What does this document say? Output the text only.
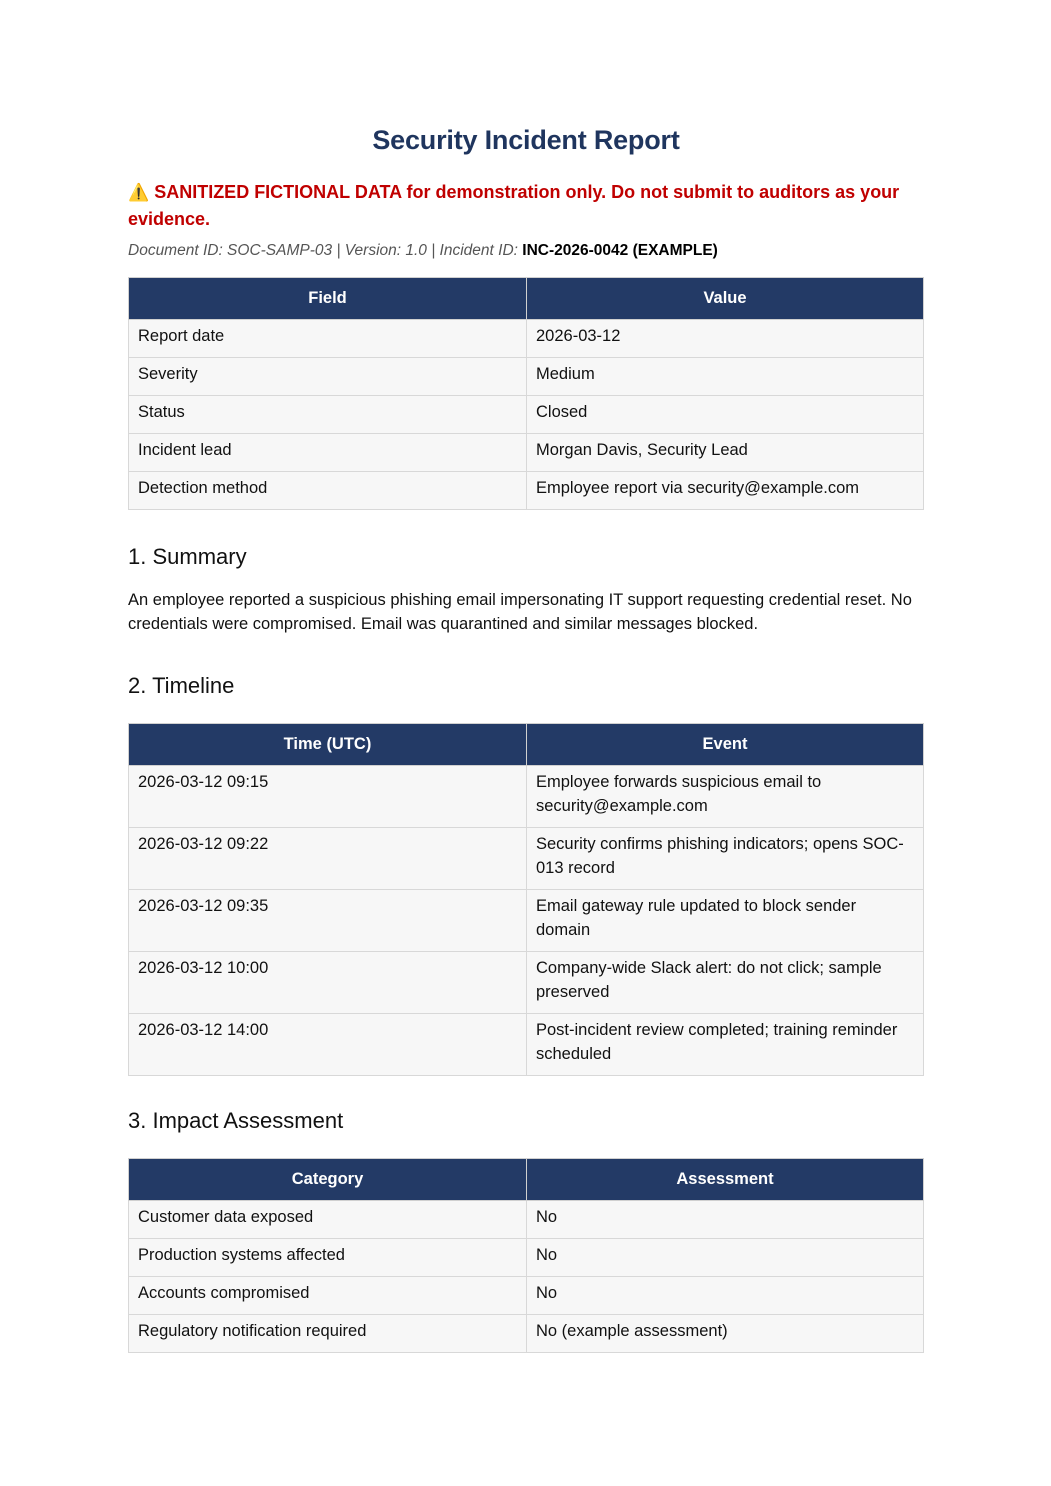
Security Incident Report

⚠️ SANITIZED FICTIONAL DATA for demonstration only. Do not submit to auditors as your evidence.

Document ID: SOC-SAMP-03 | Version: 1.0 | Incident ID: INC-2026-0042 (EXAMPLE)

Field	Value
Report date	2026-03-12
Severity	Medium
Status	Closed
Incident lead	Morgan Davis, Security Lead
Detection method	Employee report via security@example.com
1. Summary

An employee reported a suspicious phishing email impersonating IT support requesting credential reset. No credentials were compromised. Email was quarantined and similar messages blocked.

2. Timeline
Time (UTC)	Event
2026-03-12 09:15	Employee forwards suspicious email to security@example.com
2026-03-12 09:22	Security confirms phishing indicators; opens SOC-013 record
2026-03-12 09:35	Email gateway rule updated to block sender domain
2026-03-12 10:00	Company-wide Slack alert: do not click; sample preserved
2026-03-12 14:00	Post-incident review completed; training reminder scheduled
3. Impact Assessment
Category	Assessment
Customer data exposed	No
Production systems affected	No
Accounts compromised	No
Regulatory notification required	No (example assessment)
